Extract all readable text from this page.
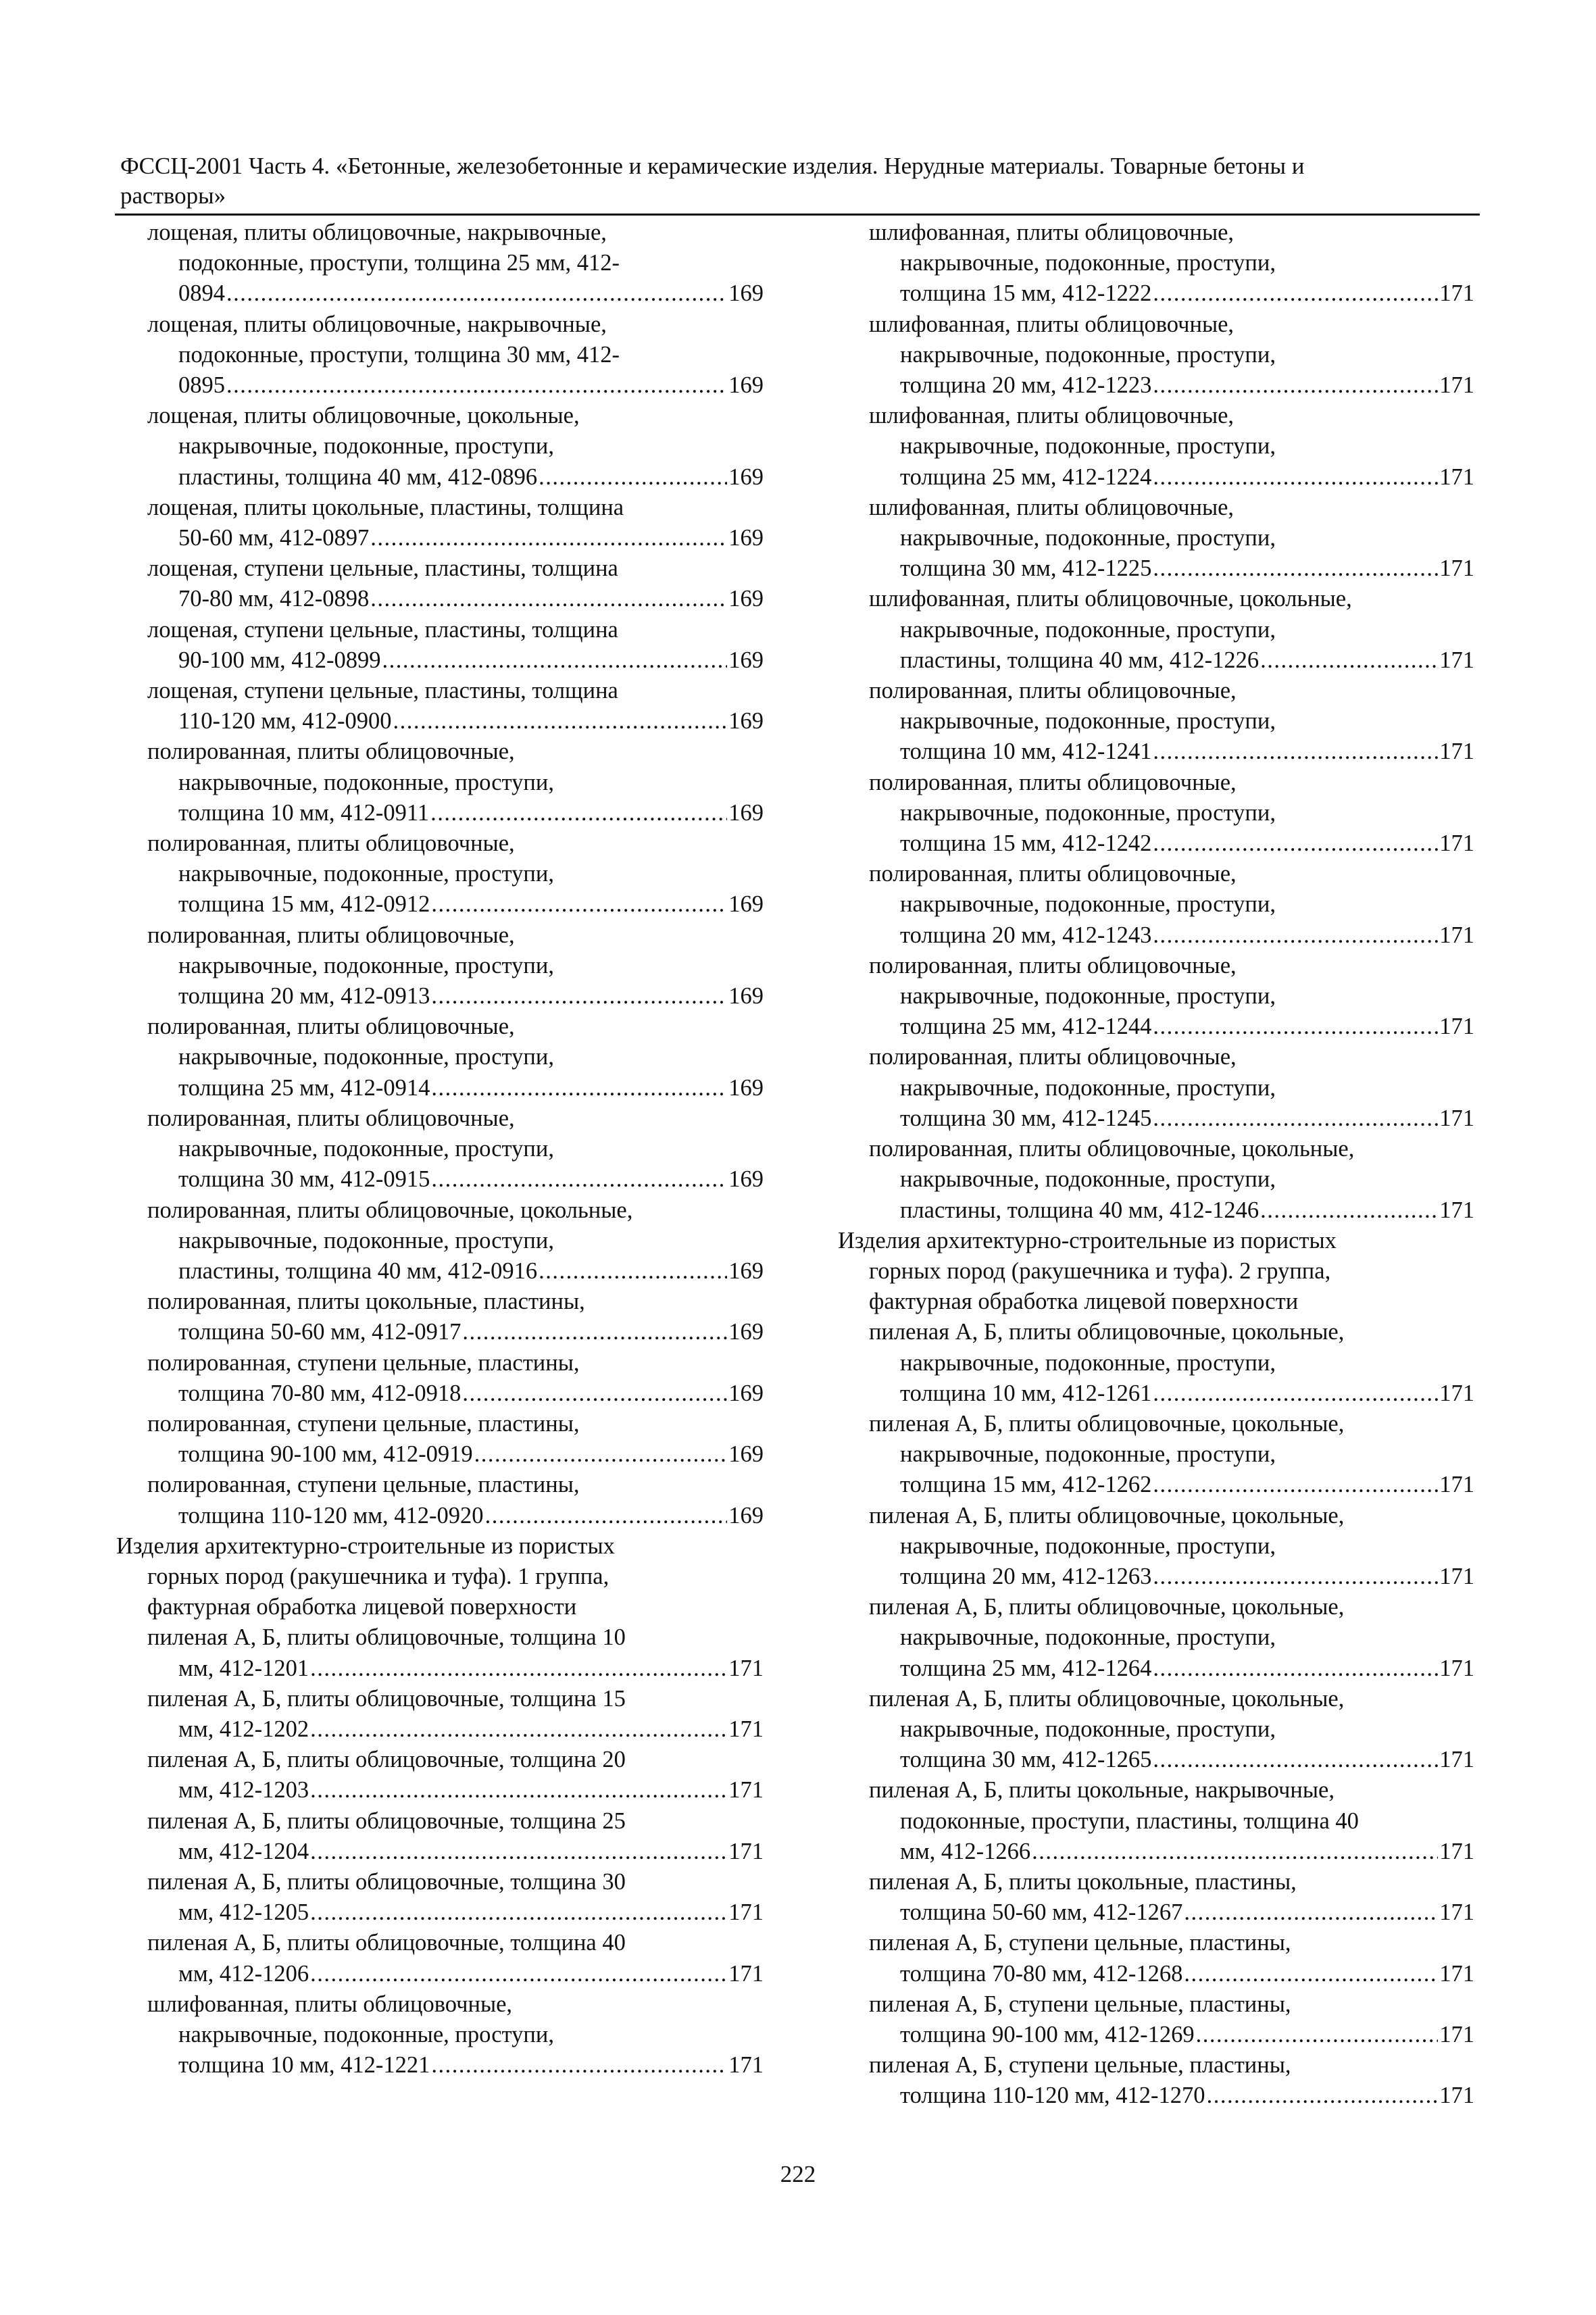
ФССЦ-2001 Часть 4. «Бетонные, железобетонные и керамические изделия. Нерудные материалы. Товарные бетоны и
растворы»
лощеная, плиты облицовочные, накрывочные,
подоконные, проступи, толщина 25 мм, 412-
0894 .....	169
лощеная, плиты облицовочные, накрывочные,
подоконные, проступи, толщина 30 мм, 412-
0895 .....	169
лощеная, плиты облицовочные, цокольные,
накрывочные, подоконные, проступи,
пластины, толщина 40 мм, 412-0896 .....	169
лощеная, плиты цокольные, пластины, толщина
50-60 мм, 412-0897 .....	169
лощеная, ступени цельные, пластины, толщина
70-80 мм, 412-0898 .....	169
лощеная, ступени цельные, пластины, толщина
90-100 мм, 412-0899 .....	169
лощеная, ступени цельные, пластины, толщина
110-120 мм, 412-0900 .....	169
полированная, плиты облицовочные,
накрывочные, подоконные, проступи,
толщина 10 мм, 412-0911 .....	169
полированная, плиты облицовочные,
накрывочные, подоконные, проступи,
толщина 15 мм, 412-0912 .....	169
полированная, плиты облицовочные,
накрывочные, подоконные, проступи,
толщина 20 мм, 412-0913 .....	169
полированная, плиты облицовочные,
накрывочные, подоконные, проступи,
толщина 25 мм, 412-0914 .....	169
полированная, плиты облицовочные,
накрывочные, подоконные, проступи,
толщина 30 мм, 412-0915 .....	169
полированная, плиты облицовочные, цокольные,
накрывочные, подоконные, проступи,
пластины, толщина 40 мм, 412-0916 .....	169
полированная, плиты цокольные, пластины,
толщина 50-60 мм, 412-0917 .....	169
полированная, ступени цельные, пластины,
толщина 70-80 мм, 412-0918 .....	169
полированная, ступени цельные, пластины,
толщина 90-100 мм, 412-0919 .....	169
полированная, ступени цельные, пластины,
толщина 110-120 мм, 412-0920 .....	169
Изделия архитектурно-строительные из пористых
горных пород (ракушечника и туфа). 1 группа,
фактурная обработка лицевой поверхности
пиленая А, Б, плиты облицовочные, толщина 10
мм, 412-1201 .....	171
пиленая А, Б, плиты облицовочные, толщина 15
мм, 412-1202 .....	171
пиленая А, Б, плиты облицовочные, толщина 20
мм, 412-1203 .....	171
пиленая А, Б, плиты облицовочные, толщина 25
мм, 412-1204 .....	171
пиленая А, Б, плиты облицовочные, толщина 30
мм, 412-1205 .....	171
пиленая А, Б, плиты облицовочные, толщина 40
мм, 412-1206 .....	171
шлифованная, плиты облицовочные,
накрывочные, подоконные, проступи,
толщина 10 мм, 412-1221 .....	171
шлифованная, плиты облицовочные,
накрывочные, подоконные, проступи,
толщина 15 мм, 412-1222 .....	171
шлифованная, плиты облицовочные,
накрывочные, подоконные, проступи,
толщина 20 мм, 412-1223 .....	171
шлифованная, плиты облицовочные,
накрывочные, подоконные, проступи,
толщина 25 мм, 412-1224 .....	171
шлифованная, плиты облицовочные,
накрывочные, подоконные, проступи,
толщина 30 мм, 412-1225 .....	171
шлифованная, плиты облицовочные, цокольные,
накрывочные, подоконные, проступи,
пластины, толщина 40 мм, 412-1226 .....	171
полированная, плиты облицовочные,
накрывочные, подоконные, проступи,
толщина 10 мм, 412-1241 .....	171
полированная, плиты облицовочные,
накрывочные, подоконные, проступи,
толщина 15 мм, 412-1242 .....	171
полированная, плиты облицовочные,
накрывочные, подоконные, проступи,
толщина 20 мм, 412-1243 .....	171
полированная, плиты облицовочные,
накрывочные, подоконные, проступи,
толщина 25 мм, 412-1244 .....	171
полированная, плиты облицовочные,
накрывочные, подоконные, проступи,
толщина 30 мм, 412-1245 .....	171
полированная, плиты облицовочные, цокольные,
накрывочные, подоконные, проступи,
пластины, толщина 40 мм, 412-1246 .....	171
Изделия архитектурно-строительные из пористых
горных пород (ракушечника и туфа). 2 группа,
фактурная обработка лицевой поверхности
пиленая А, Б, плиты облицовочные, цокольные,
накрывочные, подоконные, проступи,
толщина 10 мм, 412-1261 .....	171
пиленая А, Б, плиты облицовочные, цокольные,
накрывочные, подоконные, проступи,
толщина 15 мм, 412-1262 .....	171
пиленая А, Б, плиты облицовочные, цокольные,
накрывочные, подоконные, проступи,
толщина 20 мм, 412-1263 .....	171
пиленая А, Б, плиты облицовочные, цокольные,
накрывочные, подоконные, проступи,
толщина 25 мм, 412-1264 .....	171
пиленая А, Б, плиты облицовочные, цокольные,
накрывочные, подоконные, проступи,
толщина 30 мм, 412-1265 .....	171
пиленая А, Б, плиты цокольные, накрывочные,
подоконные, проступи, пластины, толщина 40
мм, 412-1266 .....	171
пиленая А, Б, плиты цокольные, пластины,
толщина 50-60 мм, 412-1267 .....	171
пиленая А, Б, ступени цельные, пластины,
толщина 70-80 мм, 412-1268 .....	171
пиленая А, Б, ступени цельные, пластины,
толщина 90-100 мм, 412-1269 .....	171
пиленая А, Б, ступени цельные, пластины,
толщина 110-120 мм, 412-1270 .....	171
222
